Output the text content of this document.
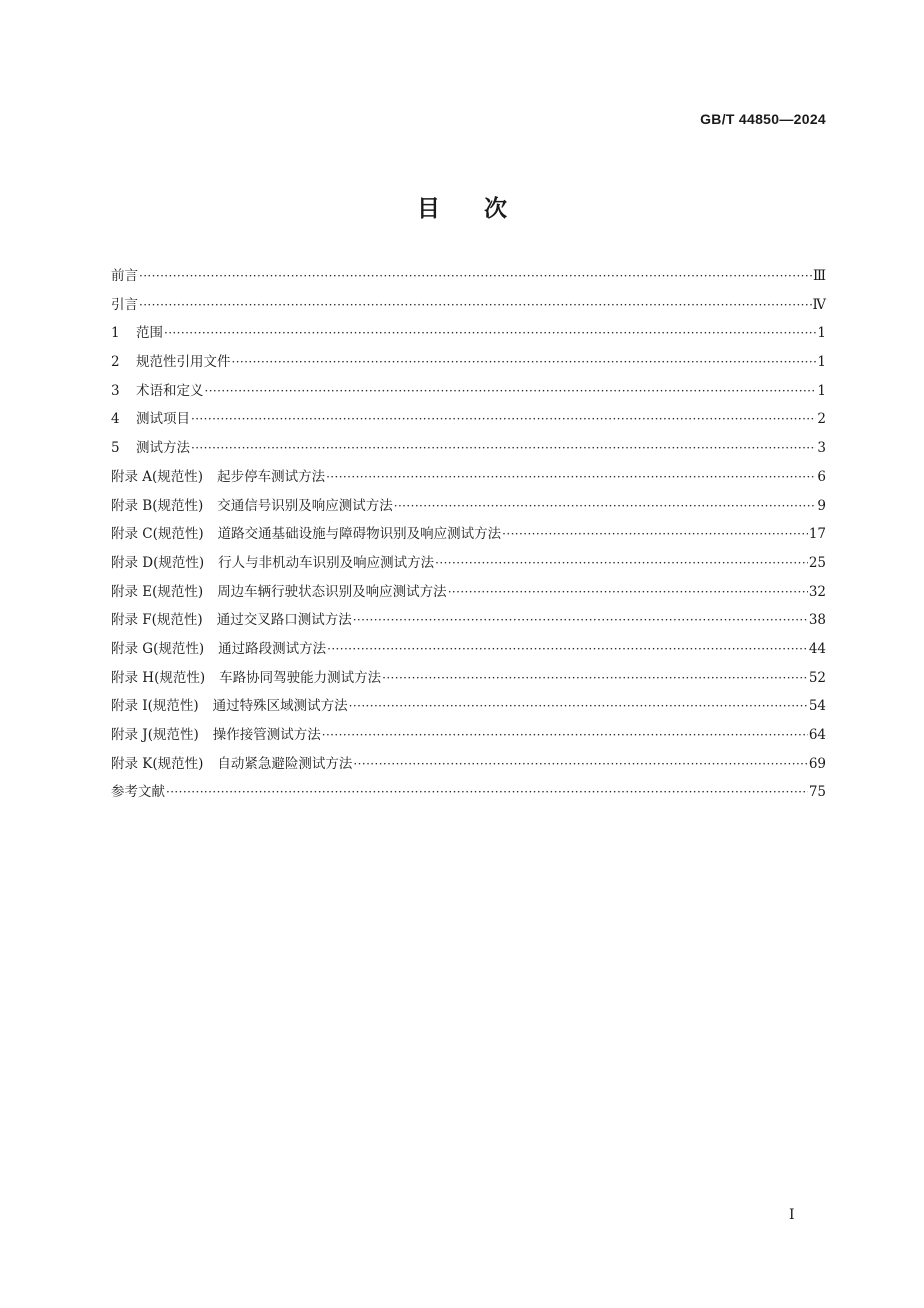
GB/T 44850—2024
目次
前言 ·····	Ⅲ
引言 ·····	Ⅳ
1 范围 ·····	1
2 规范性引用文件 ·····	1
3 术语和定义 ·····	1
4 测试项目 ·····	2
5 测试方法 ·····	3
附录 A(规范性) 起步停车测试方法 ·····	6
附录 B(规范性) 交通信号识别及响应测试方法 ·····	9
附录 C(规范性) 道路交通基础设施与障碍物识别及响应测试方法 ·····	17
附录 D(规范性) 行人与非机动车识别及响应测试方法 ·····	25
附录 E(规范性) 周边车辆行驶状态识别及响应测试方法 ·····	32
附录 F(规范性) 通过交叉路口测试方法 ·····	38
附录 G(规范性) 通过路段测试方法 ·····	44
附录 H(规范性) 车路协同驾驶能力测试方法 ·····	52
附录 I(规范性) 通过特殊区域测试方法 ·····	54
附录 J(规范性) 操作接管测试方法 ·····	64
附录 K(规范性) 自动紧急避险测试方法 ·····	69
参考文献 ·····	75
I
